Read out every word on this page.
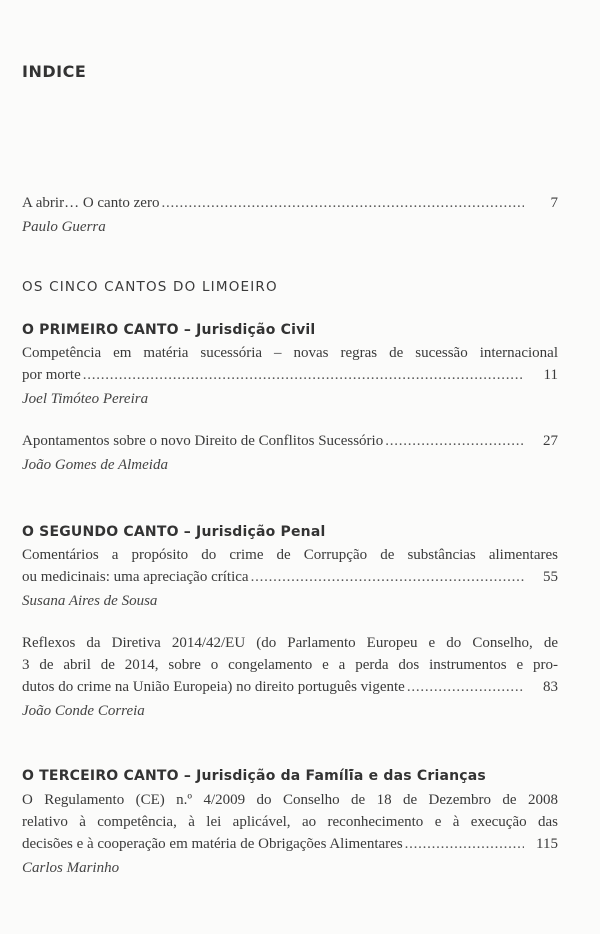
INDICE
A abrir… O canto zero . . .	7
Paulo Guerra
OS CINCO CANTOS DO LIMOEIRO
O PRIMEIRO CANTO – Jurisdição Civil
Competência em matéria sucessória – novas regras de sucessão internacional
por morte . . .	11
Joel Timóteo Pereira
Apontamentos sobre o novo Direito de Conflitos Sucessório . . .	27
João Gomes de Almeida
O SEGUNDO CANTO – Jurisdição Penal
Comentários a propósito do crime de Corrupção de substâncias alimentares
ou medicinais: uma apreciação crítica . . .	55
Susana Aires de Sousa
Reflexos da Diretiva 2014/42/EU (do Parlamento Europeu e do Conselho, de
3 de abril de 2014, sobre o congelamento e a perda dos instrumentos e pro-
dutos do crime na União Europeia) no direito português vigente . . .	83
João Conde Correia
O TERCEIRO CANTO – Jurisdição da Famíli̇̃a e das Crianças
O Regulamento (CE) n.º 4/2009 do Conselho de 18 de Dezembro de 2008
relativo à competência, à lei aplicável, ao reconhecimento e à execução das
decisões e à cooperação em matéria de Obrigações Alimentares . . .	115
Carlos Marinho
